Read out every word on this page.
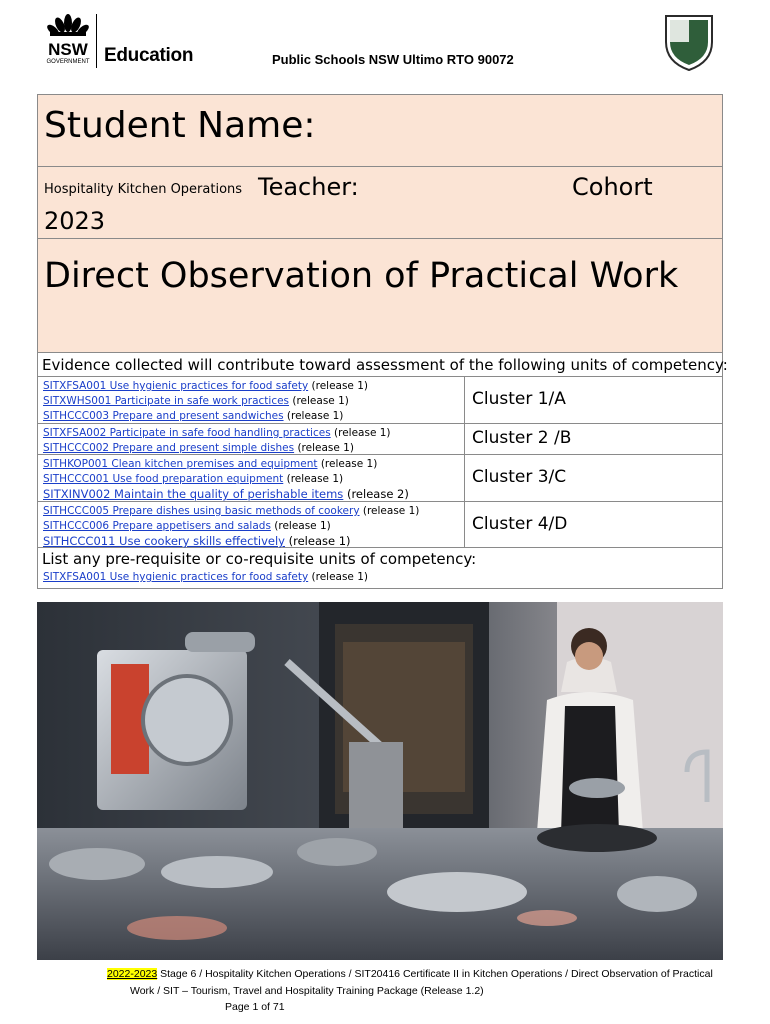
NSW
GOVERNMENT Education	Public Schools NSW Ultimo RTO 90072
Student Name:
Hospitality Kitchen Operations Teacher:	Cohort
2023
Direct Observation of Practical Work
Evidence collected will contribute toward assessment of the following units of competency:
SITXFSA001 Use hygienic practices for food safety (release 1)
SITXWHS001 Participate in safe work practices (release 1)
SITHCCC003 Prepare and present sandwiches (release 1)
Cluster 1/A
SITXFSA002 Participate in safe food handling practices (release 1)
SITHCCC002 Prepare and present simple dishes (release 1)	Cluster 2 /B
SITHKOP001 Clean kitchen premises and equipment (release 1)
SITHCCC001 Use food preparation equipment (release 1)
SITXINV002 Maintain the quality of perishable items (release 2)
Cluster 3/C
SITHCCC005 Prepare dishes using basic methods of cookery (release 1)
SITHCCC006 Prepare appetisers and salads (release 1)
SITHCCC011 Use cookery skills effectively (release 1)
Cluster 4/D
List any pre-requisite or co-requisite units of competency:
SITXFSA001 Use hygienic practices for food safety (release 1)
2022-2023 Stage 6 / Hospitality Kitchen Operations / SIT20416 Certificate II in Kitchen Operations / Direct Observation of Practical
Work / SIT – Tourism, Travel and Hospitality Training Package (Release 1.2)
Page 1 of 71
